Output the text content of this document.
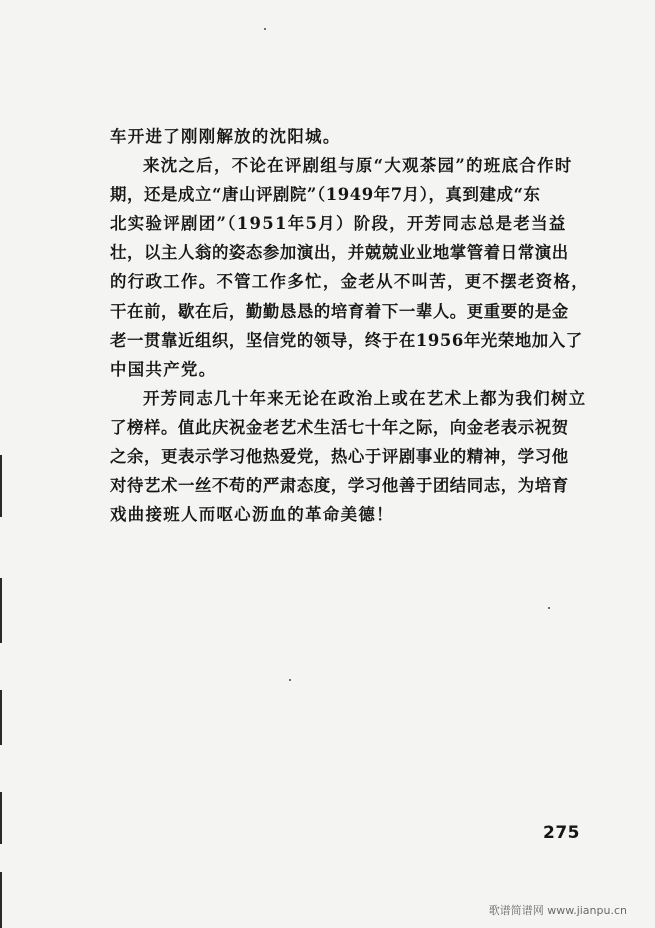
车开进了刚刚解放的沈阳城。
来沈之后，不论在评剧组与原“大观茶园”的班底合作时
期，还是成立“唐山评剧院”（1949年7月），真到建成“东
北实验评剧团”（1951年5月）阶段，开芳同志总是老当益
壮，以主人翁的姿态参加演出，并兢兢业业地掌管着日常演出
的行政工作。不管工作多忙，金老从不叫苦，更不摆老资格，
干在前，歇在后，勤勤恳恳的培育着下一辈人。更重要的是金
老一贯靠近组织，坚信党的领导，终于在1956年光荣地加入了
中国共产党。
开芳同志几十年来无论在政治上或在艺术上都为我们树立
了榜样。值此庆祝金老艺术生活七十年之际，向金老表示祝贺
之余，更表示学习他热爱党，热心于评剧事业的精神，学习他
对待艺术一丝不苟的严肃态度，学习他善于团结同志，为培育
戏曲接班人而呕心沥血的革命美德！
275
歌谱简谱网 www.jianpu.cn
